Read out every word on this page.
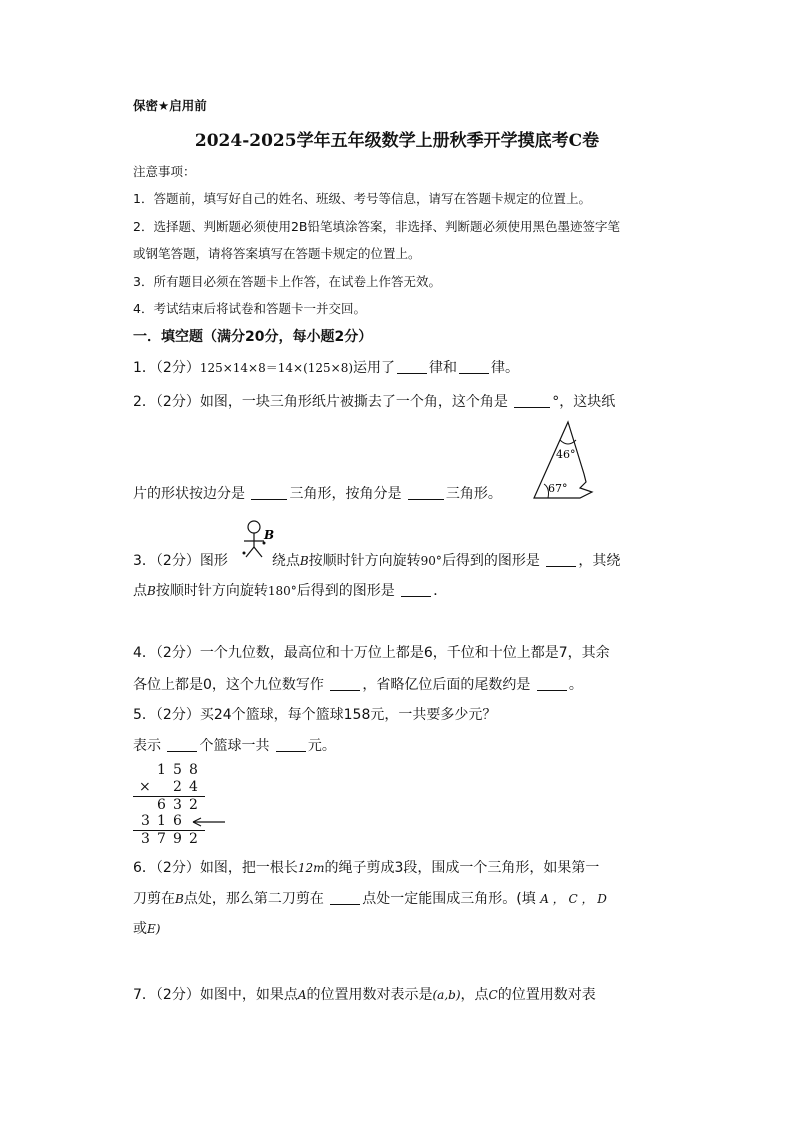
保密★启用前
2024-2025学年五年级数学上册秋季开学摸底考C卷
注意事项：
1．答题前，填写好自己的姓名、班级、考号等信息，请写在答题卡规定的位置上。
2．选择题、判断题必须使用2B铅笔填涂答案，非选择、判断题必须使用黑色墨迹签字笔
或钢笔答题，请将答案填写在答题卡规定的位置上。
3．所有题目必须在答题卡上作答，在试卷上作答无效。
4．考试结束后将试卷和答题卡一并交回。
一．填空题（满分20分，每小题2分）
1．（2分）125×14×8＝14×(125×8)运用了 律和 律。
2．（2分）如图，一块三角形纸片被撕去了一个角，这个角是	°，这块纸
片的形状按边分是	三角形，按角分是	三角形。
46°
67°
B
3．（2分）图形	绕点B按顺时针方向旋转90°后得到的图形是	，其绕
点B按顺时针方向旋转180°后得到的图形是	．
4．（2分）一个九位数，最高位和十万位上都是6，千位和十位上都是7，其余
各位上都是0，这个九位数写作	，省略亿位后面的尾数约是	。
5．（2分）买24个篮球，每个篮球158元，一共要多少元？
表示	个篮球一共	元。
1 5 8
× 2 4
6 3 2
3 1 6
3 7 9 2
6．（2分）如图，把一根长12m的绳子剪成3段，围成一个三角形，如果第一
刀剪在B点处，那么第二刀剪在	点处一定能围成三角形。(填 A ， C ， D
或E)
7．（2分）如图中，如果点A的位置用数对表示是(a,b)，点C的位置用数对表
